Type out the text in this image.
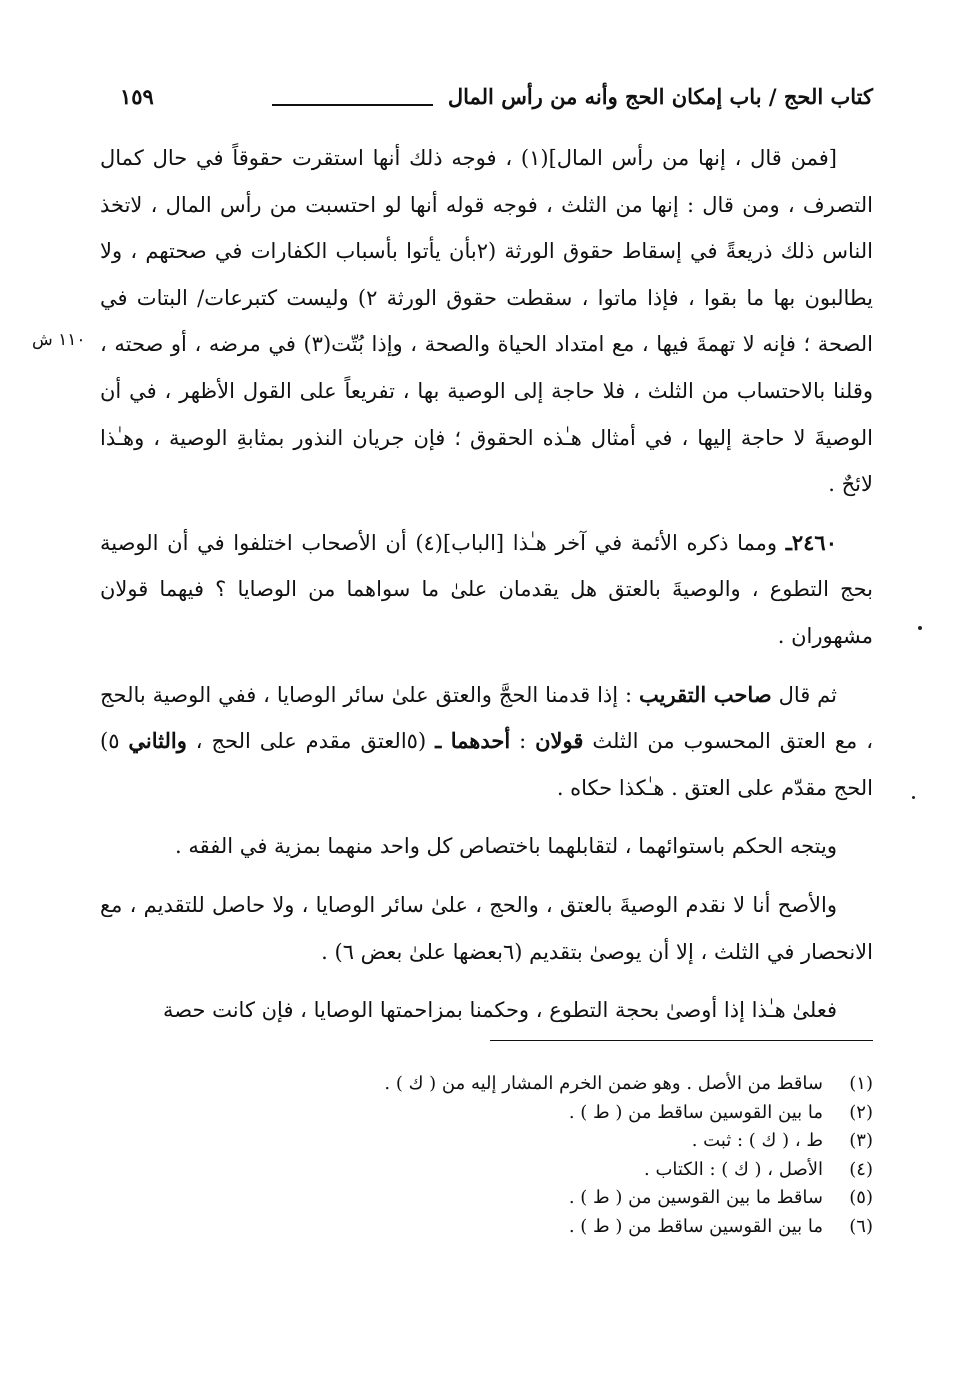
كتاب الحج / باب إمكان الحج وأنه من رأس المال
١٥٩
١١٠ ش

[فمن قال ، إنها من رأس المال](١) ، فوجه ذلك أنها استقرت حقوقاً في حال كمال التصرف ، ومن قال : إنها من الثلث ، فوجه قوله أنها لو احتسبت من رأس المال ، لاتخذ الناس ذلك ذريعةً في إسقاط حقوق الورثة (٢بأن يأتوا بأسباب الكفارات في صحتهم ، ولا يطالبون بها ما بقوا ، فإذا ماتوا ، سقطت حقوق الورثة ٢) وليست كتبرعات/ البتات في الصحة ؛ فإنه لا تهمةَ فيها ، مع امتداد الحياة والصحة ، وإذا بُتّت(٣) في مرضه ، أو صحته ، وقلنا بالاحتساب من الثلث ، فلا حاجة إلى الوصية بها ، تفريعاً على القول الأظهر ، في أن الوصيةَ لا حاجة إليها ، في أمثال هـٰذه الحقوق ؛ فإن جريان النذور بمثابةِ الوصية ، وهـٰذا لائحٌ .

٢٤٦٠ـ ومما ذكره الأئمة في آخر هـٰذا [الباب](٤) أن الأصحاب اختلفوا في أن الوصية بحج التطوع ، والوصيةَ بالعتق هل يقدمان علىٰ ما سواهما من الوصايا ؟ فيهما قولان مشهوران .

ثم قال صاحب التقريب : إذا قدمنا الحجَّ والعتق علىٰ سائر الوصايا ، ففي الوصية بالحج ، مع العتق المحسوب من الثلث قولان : أحدهما ـ (٥العتق مقدم على الحج ، والثاني ٥) الحج مقدّم على العتق . هـٰكذا حكاه .

ويتجه الحكم باستوائهما ، لتقابلهما باختصاص كل واحد منهما بمزية في الفقه .

والأصح أنا لا نقدم الوصيةَ بالعتق ، والحج ، علىٰ سائر الوصايا ، ولا حاصل للتقديم ، مع الانحصار في الثلث ، إلا أن يوصىٰ بتقديم (٦بعضها علىٰ بعض ٦) .

فعلىٰ هـٰذا إذا أوصىٰ بحجة التطوع ، وحكمنا بمزاحمتها الوصايا ، فإن كانت حصة

(١)
ساقط من الأصل . وهو ضمن الخرم المشار إليه من ( ك ) .
(٢)
ما بين القوسين ساقط من ( ط ) .
(٣)
ط ، ( ك ) : ثبت .
(٤)
الأصل ، ( ك ) : الكتاب .
(٥)
ساقط ما بين القوسين من ( ط ) .
(٦)
ما بين القوسين ساقط من ( ط ) .
